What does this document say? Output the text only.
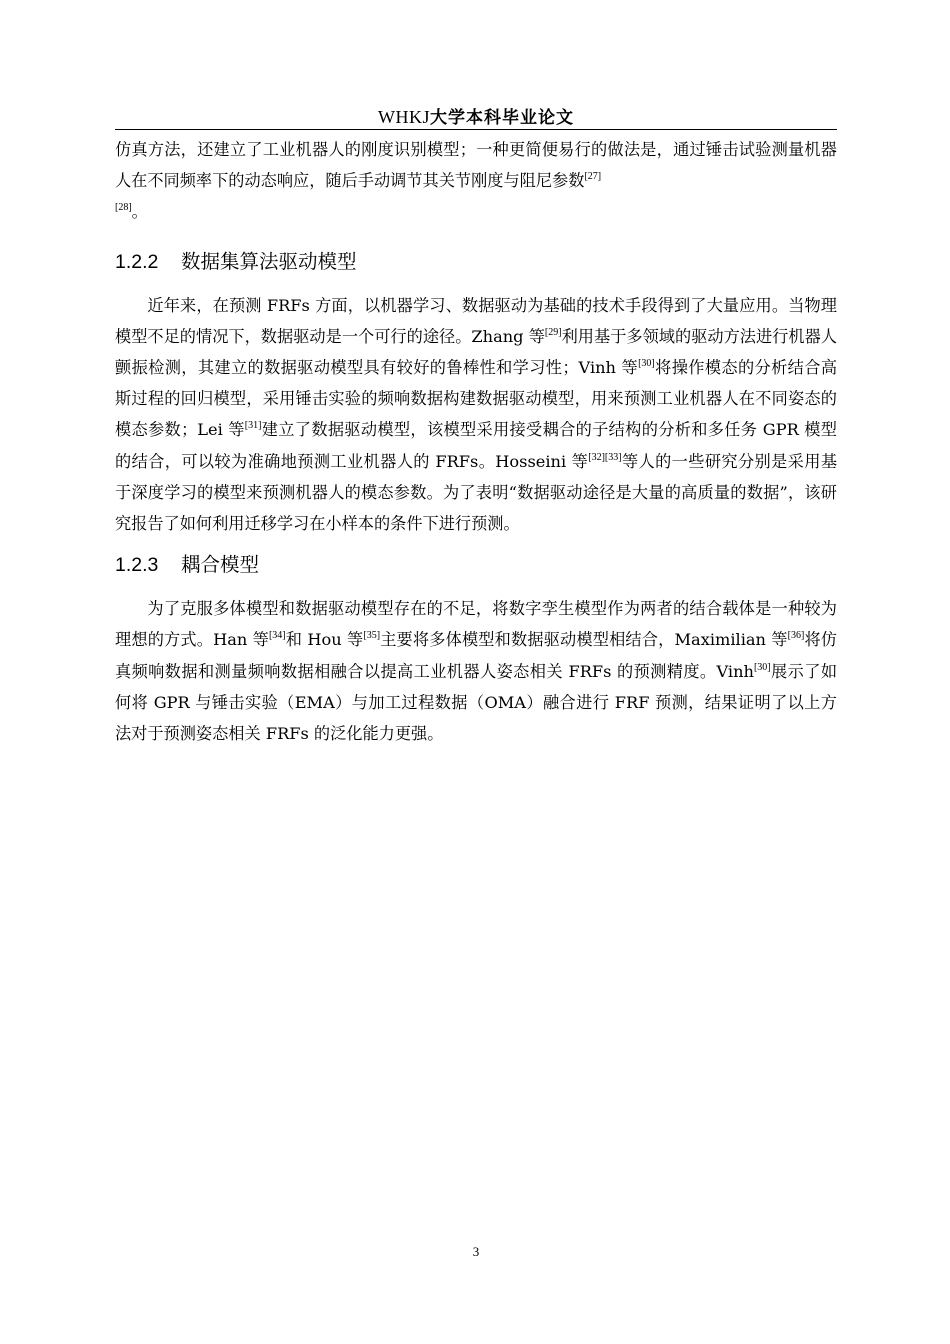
WHKJ大学本科毕业论文

仿真方法，还建立了工业机器人的刚度识别模型；一种更简便易行的做法是，通过锤击试验测量机器人在不同频率下的动态响应，随后手动调节其关节刚度与阻尼参数[27]
[28]。

1.2.2 数据集算法驱动模型

近年来，在预测 FRFs 方面，以机器学习、数据驱动为基础的技术手段得到了大量应用。当物理模型不足的情况下，数据驱动是一个可行的途径。Zhang 等[29]利用基于多领域的驱动方法进行机器人颤振检测，其建立的数据驱动模型具有较好的鲁棒性和学习性；Vinh 等[30]将操作模态的分析结合高斯过程的回归模型，采用锤击实验的频响数据构建数据驱动模型，用来预测工业机器人在不同姿态的模态参数；Lei 等[31]建立了数据驱动模型，该模型采用接受耦合的子结构的分析和多任务 GPR 模型的结合，可以较为准确地预测工业机器人的 FRFs。Hosseini 等[32][33]等人的一些研究分别是采用基于深度学习的模型来预测机器人的模态参数。为了表明“数据驱动途径是大量的高质量的数据”，该研究报告了如何利用迁移学习在小样本的条件下进行预测。

1.2.3 耦合模型

为了克服多体模型和数据驱动模型存在的不足，将数字孪生模型作为两者的结合载体是一种较为理想的方式。Han 等[34]和 Hou 等[35]主要将多体模型和数据驱动模型相结合，Maximilian 等[36]将仿真频响数据和测量频响数据相融合以提高工业机器人姿态相关 FRFs 的预测精度。Vinh[30]展示了如何将 GPR 与锤击实验（EMA）与加工过程数据（OMA）融合进行 FRF 预测，结果证明了以上方法对于预测姿态相关 FRFs 的泛化能力更强。

3
